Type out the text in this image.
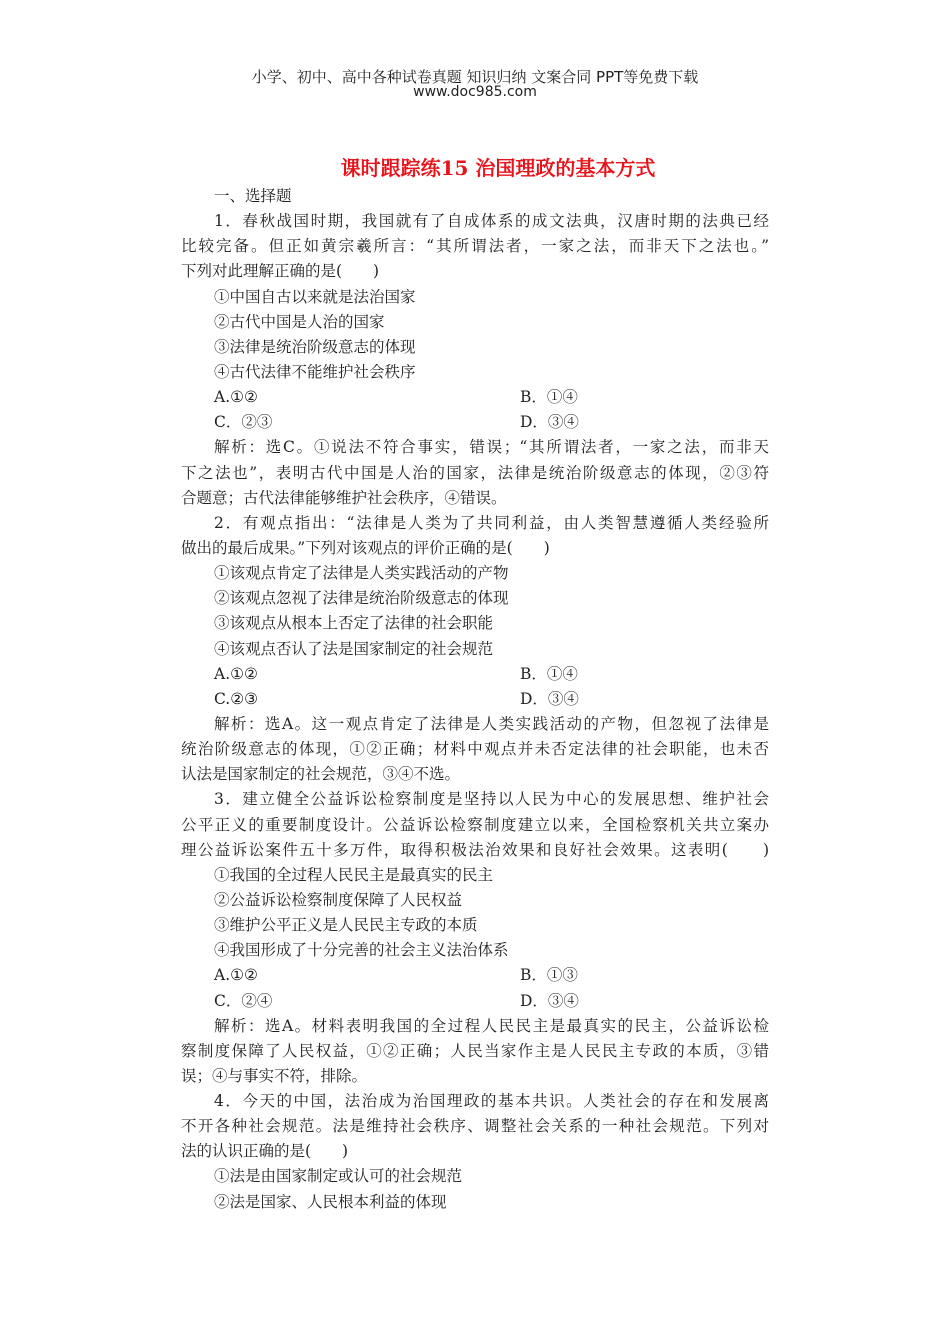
小学、初中、高中各种试卷真题 知识归纳 文案合同 PPT等免费下载
www.doc985.com
课时跟踪练15 治国理政的基本方式
一、选择题
1．春秋战国时期，我国就有了自成体系的成文法典，汉唐时期的法典已经
比较完备。但正如黄宗羲所言：“其所谓法者，一家之法，而非天下之法也。”
下列对此理解正确的是(　　)
①中国自古以来就是法治国家
②古代中国是人治的国家
③法律是统治阶级意志的体现
④古代法律不能维护社会秩序
A.①②	B．①④
C．②③	D．③④
解析：选C。①说法不符合事实，错误；“其所谓法者，一家之法，而非天
下之法也”，表明古代中国是人治的国家，法律是统治阶级意志的体现，②③符
合题意；古代法律能够维护社会秩序，④错误。
2．有观点指出：“法律是人类为了共同利益，由人类智慧遵循人类经验所
做出的最后成果。”下列对该观点的评价正确的是(　　)
①该观点肯定了法律是人类实践活动的产物
②该观点忽视了法律是统治阶级意志的体现
③该观点从根本上否定了法律的社会职能
④该观点否认了法是国家制定的社会规范
A.①②	B．①④
C.②③	D．③④
解析：选A。这一观点肯定了法律是人类实践活动的产物，但忽视了法律是
统治阶级意志的体现，①②正确；材料中观点并未否定法律的社会职能，也未否
认法是国家制定的社会规范，③④不选。
3．建立健全公益诉讼检察制度是坚持以人民为中心的发展思想、维护社会
公平正义的重要制度设计。公益诉讼检察制度建立以来，全国检察机关共立案办
理公益诉讼案件五十多万件，取得积极法治效果和良好社会效果。这表明(　　)
①我国的全过程人民民主是最真实的民主
②公益诉讼检察制度保障了人民权益
③维护公平正义是人民民主专政的本质
④我国形成了十分完善的社会主义法治体系
A.①②	B．①③
C．②④	D．③④
解析：选A。材料表明我国的全过程人民民主是最真实的民主，公益诉讼检
察制度保障了人民权益，①②正确；人民当家作主是人民民主专政的本质，③错
误；④与事实不符，排除。
4．今天的中国，法治成为治国理政的基本共识。人类社会的存在和发展离
不开各种社会规范。法是维持社会秩序、调整社会关系的一种社会规范。下列对
法的认识正确的是(　　)
①法是由国家制定或认可的社会规范
②法是国家、人民根本利益的体现
